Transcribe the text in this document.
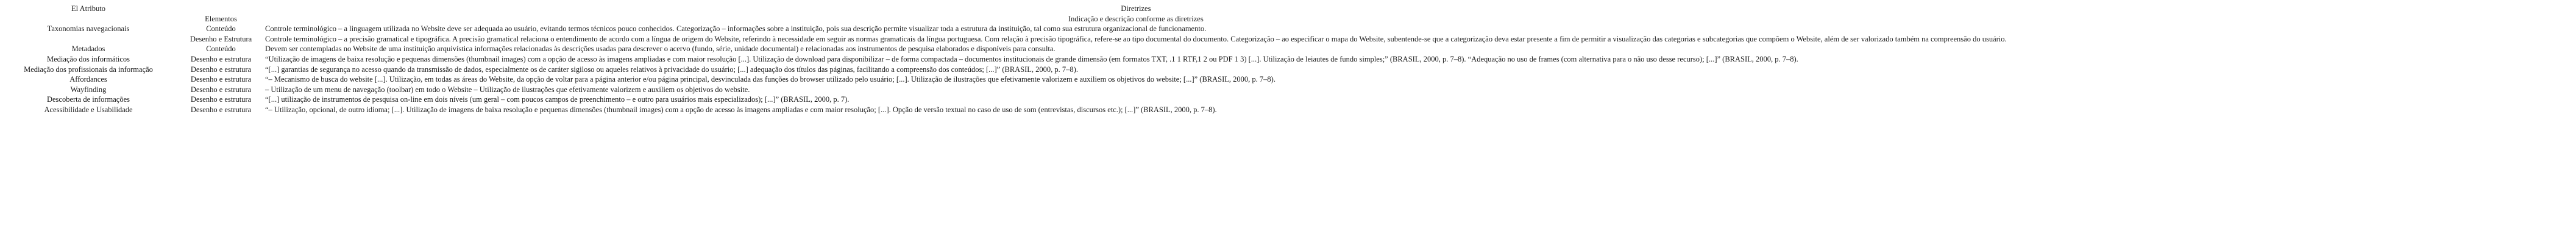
El Atributo		Diretrizes
	Elementos	Indicação e descrição conforme as diretrizes
Taxonomias navegacionais	Conteúdo	Controle terminológico – a linguagem utilizada no Website deve ser adequada ao usuário, evitando termos técnicos pouco conhecidos. Categorização – informações sobre a instituição, pois sua descrição permite visualizar toda a estrutura da instituição, tal como sua estrutura organizacional de funcionamento.
	Desenho e Estrutura	Controle terminológico – a precisão gramatical e tipográfica. A precisão gramatical relaciona o entendimento de acordo com a língua de origem do Website, referindo à necessidade em seguir as normas gramaticais da língua portuguesa. Com relação à precisão tipográfica, refere-se ao tipo documental do documento. Categorização – ao especificar o mapa do Website, subentende-se que a categorização deva estar presente a fim de permitir a visualização das categorias e subcategorias que compõem o Website, além de ser valorizado também na compreensão do usuário.
Metadados	Conteúdo	Devem ser contempladas no Website de uma instituição arquivística informações relacionadas às descrições usadas para descrever o acervo (fundo, série, unidade documental) e relacionadas aos instrumentos de pesquisa elaborados e disponíveis para consulta.
Mediação dos informáticos	Desenho e estrutura	“Utilização de imagens de baixa resolução e pequenas dimensões (thumbnail images) com a opção de acesso às imagens ampliadas e com maior resolução [...]. Utilização de download para disponibilizar – de forma compactada – documentos institucionais de grande dimensão (em formatos TXT, .1 1 RTF,1 2 ou PDF 1 3) [...]. Utilização de leiautes de fundo simples;” (BRASIL, 2000, p. 7–8). “Adequação no uso de frames (com alternativa para o não uso desse recurso); [...]” (BRASIL, 2000, p. 7–8).
Mediação dos profissionais da informação	Desenho e estrutura	“[...] garantias de segurança no acesso quando da transmissão de dados, especialmente os de caráter sigiloso ou aqueles relativos à privacidade do usuário; [...] adequação dos títulos das páginas, facilitando a compreensão dos conteúdos; [...]” (BRASIL, 2000, p. 7–8).
Affordances	Desenho e estrutura	“– Mecanismo de busca do website [...]. Utilização, em todas as áreas do Website, da opção de voltar para a página anterior e/ou página principal, desvinculada das funções do browser utilizado pelo usuário; [...]. Utilização de ilustrações que efetivamente valorizem e auxiliem os objetivos do website; [...]” (BRASIL, 2000, p. 7–8).
Wayfinding	Desenho e estrutura	– Utilização de um menu de navegação (toolbar) em todo o Website – Utilização de ilustrações que efetivamente valorizem e auxiliem os objetivos do website.
Descoberta de informações	Desenho e estrutura	“[...] utilização de instrumentos de pesquisa on-line em dois níveis (um geral – com poucos campos de preenchimento – e outro para usuários mais especializados); [...]” (BRASIL, 2000, p. 7).
Acessibilidade e Usabilidade	Desenho e estrutura	“– Utilização, opcional, de outro idioma; [...]. Utilização de imagens de baixa resolução e pequenas dimensões (thumbnail images) com a opção de acesso às imagens ampliadas e com maior resolução; [...]. Opção de versão textual no caso de uso de som (entrevistas, discursos etc.); [...]” (BRASIL, 2000, p. 7–8).
